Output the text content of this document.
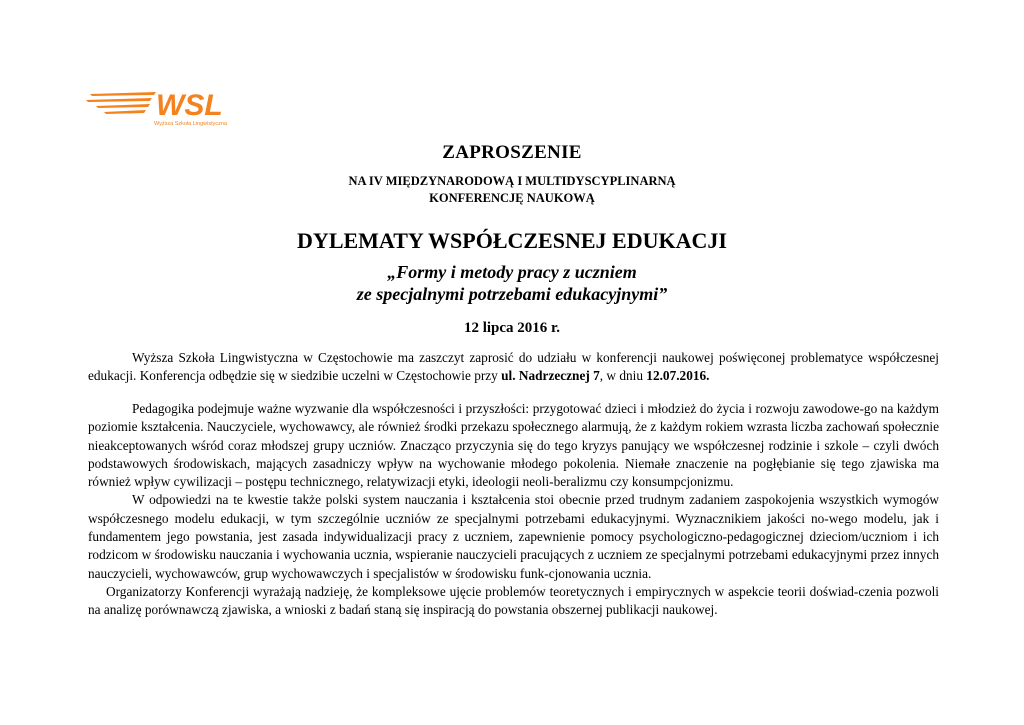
WSL
Wyższa Szkoła Lingwistyczna
ZAPROSZENIE
NA IV MIĘDZYNARODOWĄ I MULTIDYSCYPLINARNĄ
KONFERENCJĘ NAUKOWĄ
DYLEMATY WSPÓŁCZESNEJ EDUKACJI
„Formy i metody pracy z uczniem
ze specjalnymi potrzebami edukacyjnymi”
12 lipca 2016 r.

Wyższa Szkoła Lingwistyczna w Częstochowie ma zaszczyt zaprosić do udziału w konferencji naukowej poświęconej problematyce współczesnej edukacji. Konferencja odbędzie się w siedzibie uczelni w Częstochowie przy ul. Nadrzecznej 7, w dniu 12.07.2016.

Pedagogika podejmuje ważne wyzwanie dla współczesności i przyszłości: przygotować dzieci i młodzież do życia i rozwoju zawodowe-go na każdym poziomie kształcenia. Nauczyciele, wychowawcy, ale również środki przekazu społecznego alarmują, że z każdym rokiem wzrasta liczba zachowań społecznie nieakceptowanych wśród coraz młodszej grupy uczniów. Znacząco przyczynia się do tego kryzys panujący we współczesnej rodzinie i szkole – czyli dwóch podstawowych środowiskach, mających zasadniczy wpływ na wychowanie młodego pokolenia. Niemałe znaczenie na pogłębianie się tego zjawiska ma również wpływ cywilizacji – postępu technicznego, relatywizacji etyki, ideologii neoli-beralizmu czy konsumpcjonizmu.

W odpowiedzi na te kwestie także polski system nauczania i kształcenia stoi obecnie przed trudnym zadaniem zaspokojenia wszystkich wymogów współczesnego modelu edukacji, w tym szczególnie uczniów ze specjalnymi potrzebami edukacyjnymi. Wyznacznikiem jakości no-wego modelu, jak i fundamentem jego powstania, jest zasada indywidualizacji pracy z uczniem, zapewnienie pomocy psychologiczno-pedagogicznej dzieciom/uczniom i ich rodzicom w środowisku nauczania i wychowania ucznia, wspieranie nauczycieli pracujących z uczniem ze specjalnymi potrzebami edukacyjnymi przez innych nauczycieli, wychowawców, grup wychowawczych i specjalistów w środowisku funk-cjonowania ucznia.

Organizatorzy Konferencji wyrażają nadzieję, że kompleksowe ujęcie problemów teoretycznych i empirycznych w aspekcie teorii doświad-czenia pozwoli na analizę porównawczą zjawiska, a wnioski z badań staną się inspiracją do powstania obszernej publikacji naukowej.
